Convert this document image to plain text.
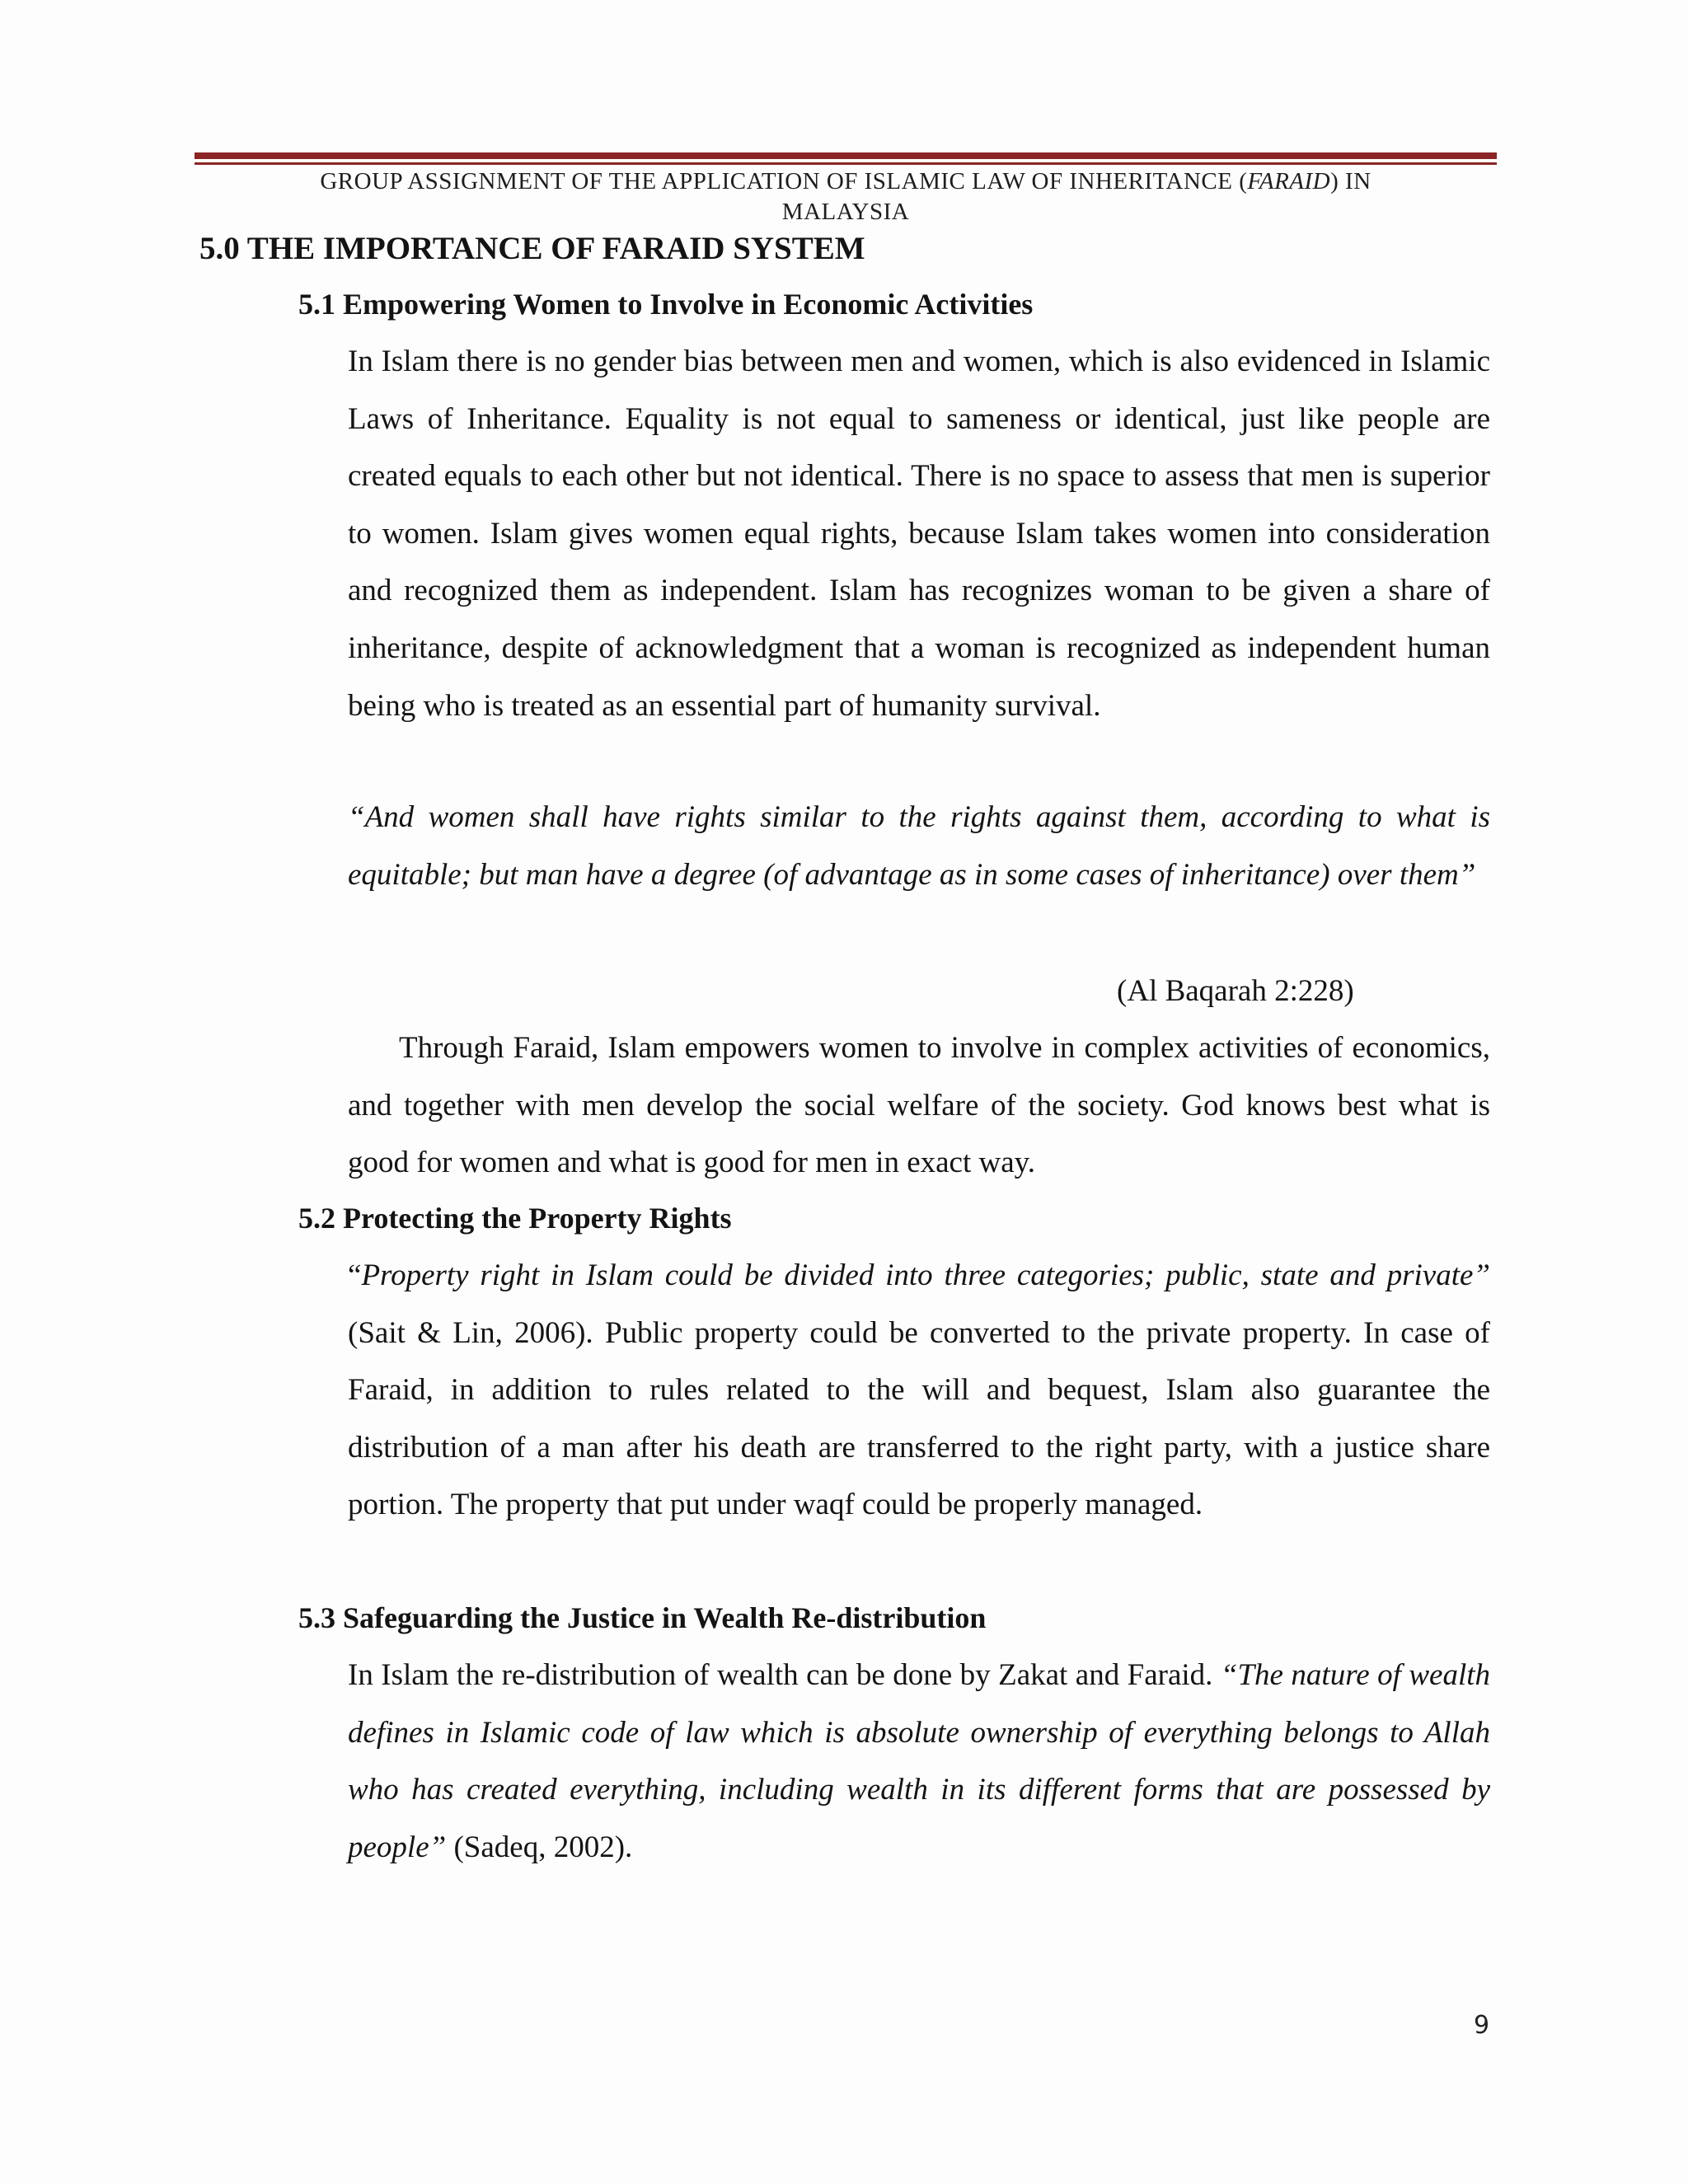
GROUP ASSIGNMENT OF THE APPLICATION OF ISLAMIC LAW OF INHERITANCE (FARAID) IN
MALAYSIA
5.0 THE IMPORTANCE OF FARAID SYSTEM
5.1 Empowering Women to Involve in Economic Activities
In Islam there is no gender bias between men and women, which is also evidenced in Islamic Laws of Inheritance. Equality is not equal to sameness or identical, just like people are created equals to each other but not identical. There is no space to assess that men is superior to women. Islam gives women equal rights, because Islam takes women into consideration and recognized them as independent. Islam has recognizes woman to be given a share of inheritance, despite of acknowledgment that a woman is recognized as independent human being who is treated as an essential part of humanity survival.
“And women shall have rights similar to the rights against them, according to what is equitable; but man have a degree (of advantage as in some cases of inheritance) over them”
(Al Baqarah 2:228)
Through Faraid, Islam empowers women to involve in complex activities of economics, and together with men develop the social welfare of the society. God knows best what is good for women and what is good for men in exact way.
5.2 Protecting the Property Rights
“Property right in Islam could be divided into three categories; public, state and private” (Sait & Lin, 2006). Public property could be converted to the private property. In case of Faraid, in addition to rules related to the will and bequest, Islam also guarantee the distribution of a man after his death are transferred to the right party, with a justice share portion. The property that put under waqf could be properly managed.
5.3 Safeguarding the Justice in Wealth Re-distribution
In Islam the re-distribution of wealth can be done by Zakat and Faraid. “The nature of wealth defines in Islamic code of law which is absolute ownership of everything belongs to Allah who has created everything, including wealth in its different forms that are possessed by people” (Sadeq, 2002).
9
